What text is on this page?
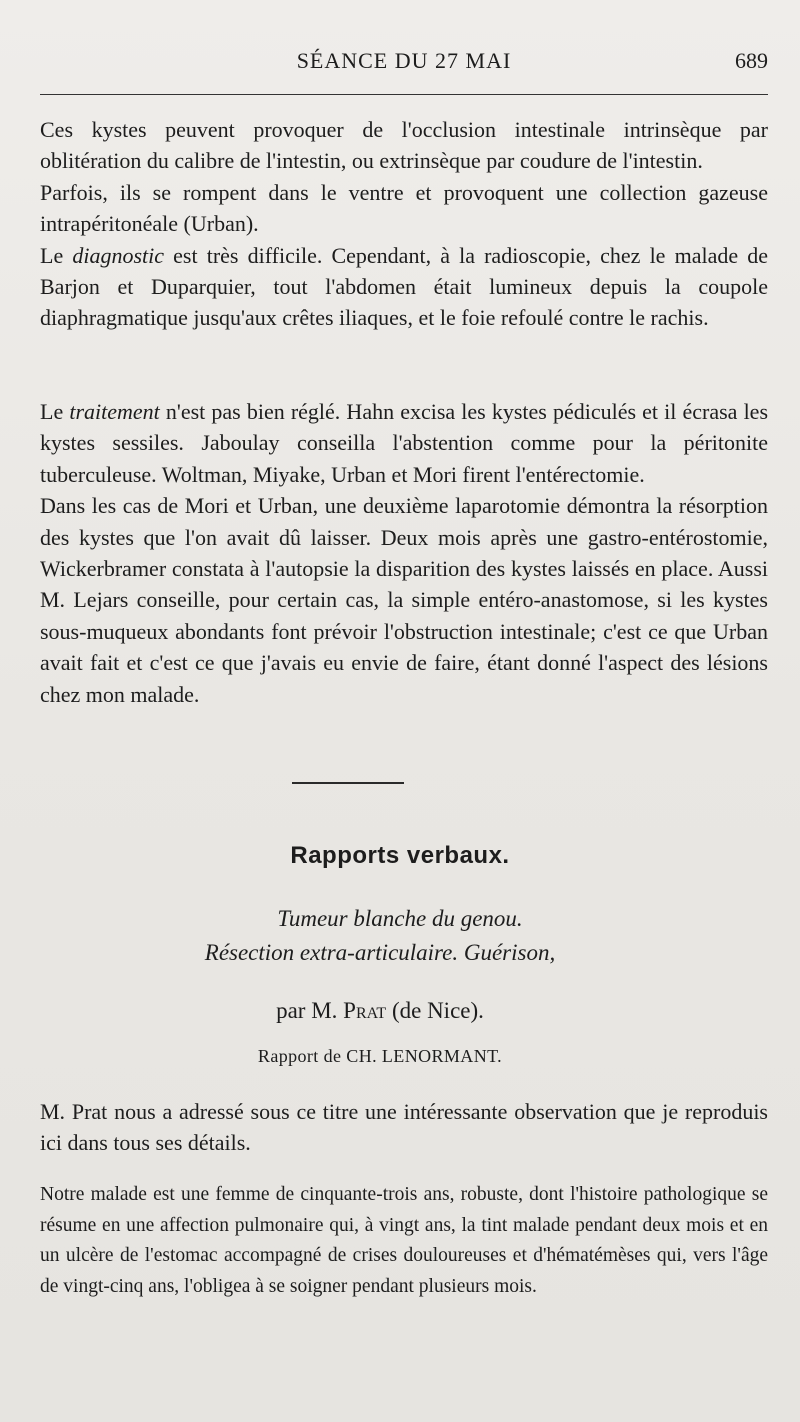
SÉANCE DU 27 MAI	689

Ces kystes peuvent provoquer de l'occlusion intestinale intrinsèque par oblitération du calibre de l'intestin, ou extrinsèque par coudure de l'intestin.

Parfois, ils se rompent dans le ventre et provoquent une collection gazeuse intrapéritonéale (Urban).

Le diagnostic est très difficile. Cependant, à la radioscopie, chez le malade de Barjon et Duparquier, tout l'abdomen était lumineux depuis la coupole diaphragmatique jusqu'aux crêtes iliaques, et le foie refoulé contre le rachis.

Le traitement n'est pas bien réglé. Hahn excisa les kystes pédiculés et il écrasa les kystes sessiles. Jaboulay conseilla l'abstention comme pour la péritonite tuberculeuse. Woltman, Miyake, Urban et Mori firent l'entérectomie.

Dans les cas de Mori et Urban, une deuxième laparotomie démontra la résorption des kystes que l'on avait dû laisser. Deux mois après une gastro-entérostomie, Wickerbramer constata à l'autopsie la disparition des kystes laissés en place. Aussi M. Lejars conseille, pour certain cas, la simple entéro-anastomose, si les kystes sous-muqueux abondants font prévoir l'obstruction intestinale; c'est ce que Urban avait fait et c'est ce que j'avais eu envie de faire, étant donné l'aspect des lésions chez mon malade.

Rapports verbaux.
Tumeur blanche du genou.
Résection extra-articulaire. Guérison,
par M. Prat (de Nice).
Rapport de CH. LENORMANT.

M. Prat nous a adressé sous ce titre une intéressante observation que je reproduis ici dans tous ses détails.

Notre malade est une femme de cinquante-trois ans, robuste, dont l'histoire pathologique se résume en une affection pulmonaire qui, à vingt ans, la tint malade pendant deux mois et en un ulcère de l'estomac accompagné de crises douloureuses et d'hématémèses qui, vers l'âge de vingt-cinq ans, l'obligea à se soigner pendant plusieurs mois.
